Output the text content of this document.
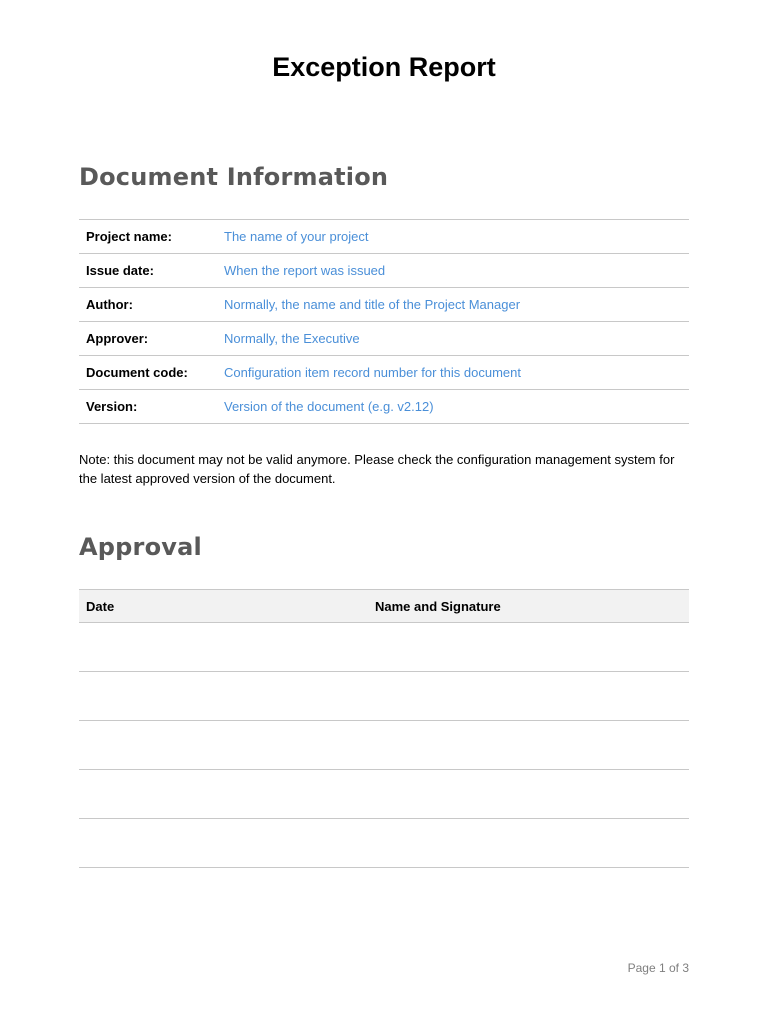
Exception Report
Document Information
Project name:	The name of your project
Issue date:	When the report was issued
Author:	Normally, the name and title of the Project Manager
Approver:	Normally, the Executive
Document code:	Configuration item record number for this document
Version:	Version of the document (e.g. v2.12)
Note: this document may not be valid anymore. Please check the configuration management system for the latest approved version of the document.
Approval
Date	Name and Signature

Page 1 of 3
